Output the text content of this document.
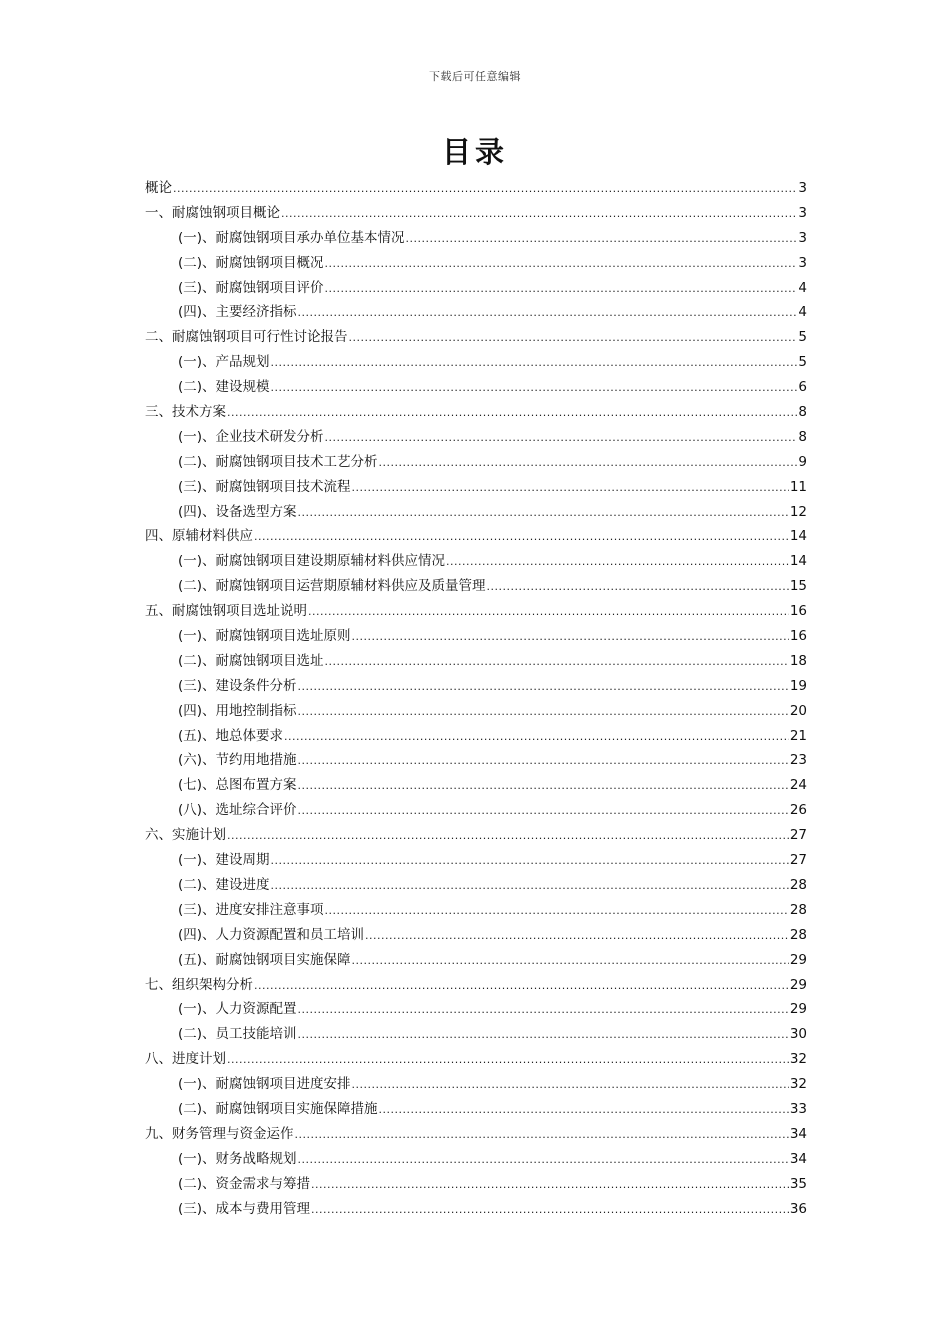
下载后可任意编辑
目录
概论 .....	3
一、耐腐蚀钢项目概论 .....	3
(一)、耐腐蚀钢项目承办单位基本情况 .....	3
(二)、耐腐蚀钢项目概况 .....	3
(三)、耐腐蚀钢项目评价 .....	4
(四)、主要经济指标 .....	4
二、耐腐蚀钢项目可行性讨论报告 .....	5
(一)、产品规划 .....	5
(二)、建设规模 .....	6
三、技术方案 .....	8
(一)、企业技术研发分析 .....	8
(二)、耐腐蚀钢项目技术工艺分析 .....	9
(三)、耐腐蚀钢项目技术流程 .....	11
(四)、设备选型方案 .....	12
四、原辅材料供应 .....	14
(一)、耐腐蚀钢项目建设期原辅材料供应情况 .....	14
(二)、耐腐蚀钢项目运营期原辅材料供应及质量管理 .....	15
五、耐腐蚀钢项目选址说明 .....	16
(一)、耐腐蚀钢项目选址原则 .....	16
(二)、耐腐蚀钢项目选址 .....	18
(三)、建设条件分析 .....	19
(四)、用地控制指标 .....	20
(五)、地总体要求 .....	21
(六)、节约用地措施 .....	23
(七)、总图布置方案 .....	24
(八)、选址综合评价 .....	26
六、实施计划 .....	27
(一)、建设周期 .....	27
(二)、建设进度 .....	28
(三)、进度安排注意事项 .....	28
(四)、人力资源配置和员工培训 .....	28
(五)、耐腐蚀钢项目实施保障 .....	29
七、组织架构分析 .....	29
(一)、人力资源配置 .....	29
(二)、员工技能培训 .....	30
八、进度计划 .....	32
(一)、耐腐蚀钢项目进度安排 .....	32
(二)、耐腐蚀钢项目实施保障措施 .....	33
九、财务管理与资金运作 .....	34
(一)、财务战略规划 .....	34
(二)、资金需求与筹措 .....	35
(三)、成本与费用管理 .....	36
